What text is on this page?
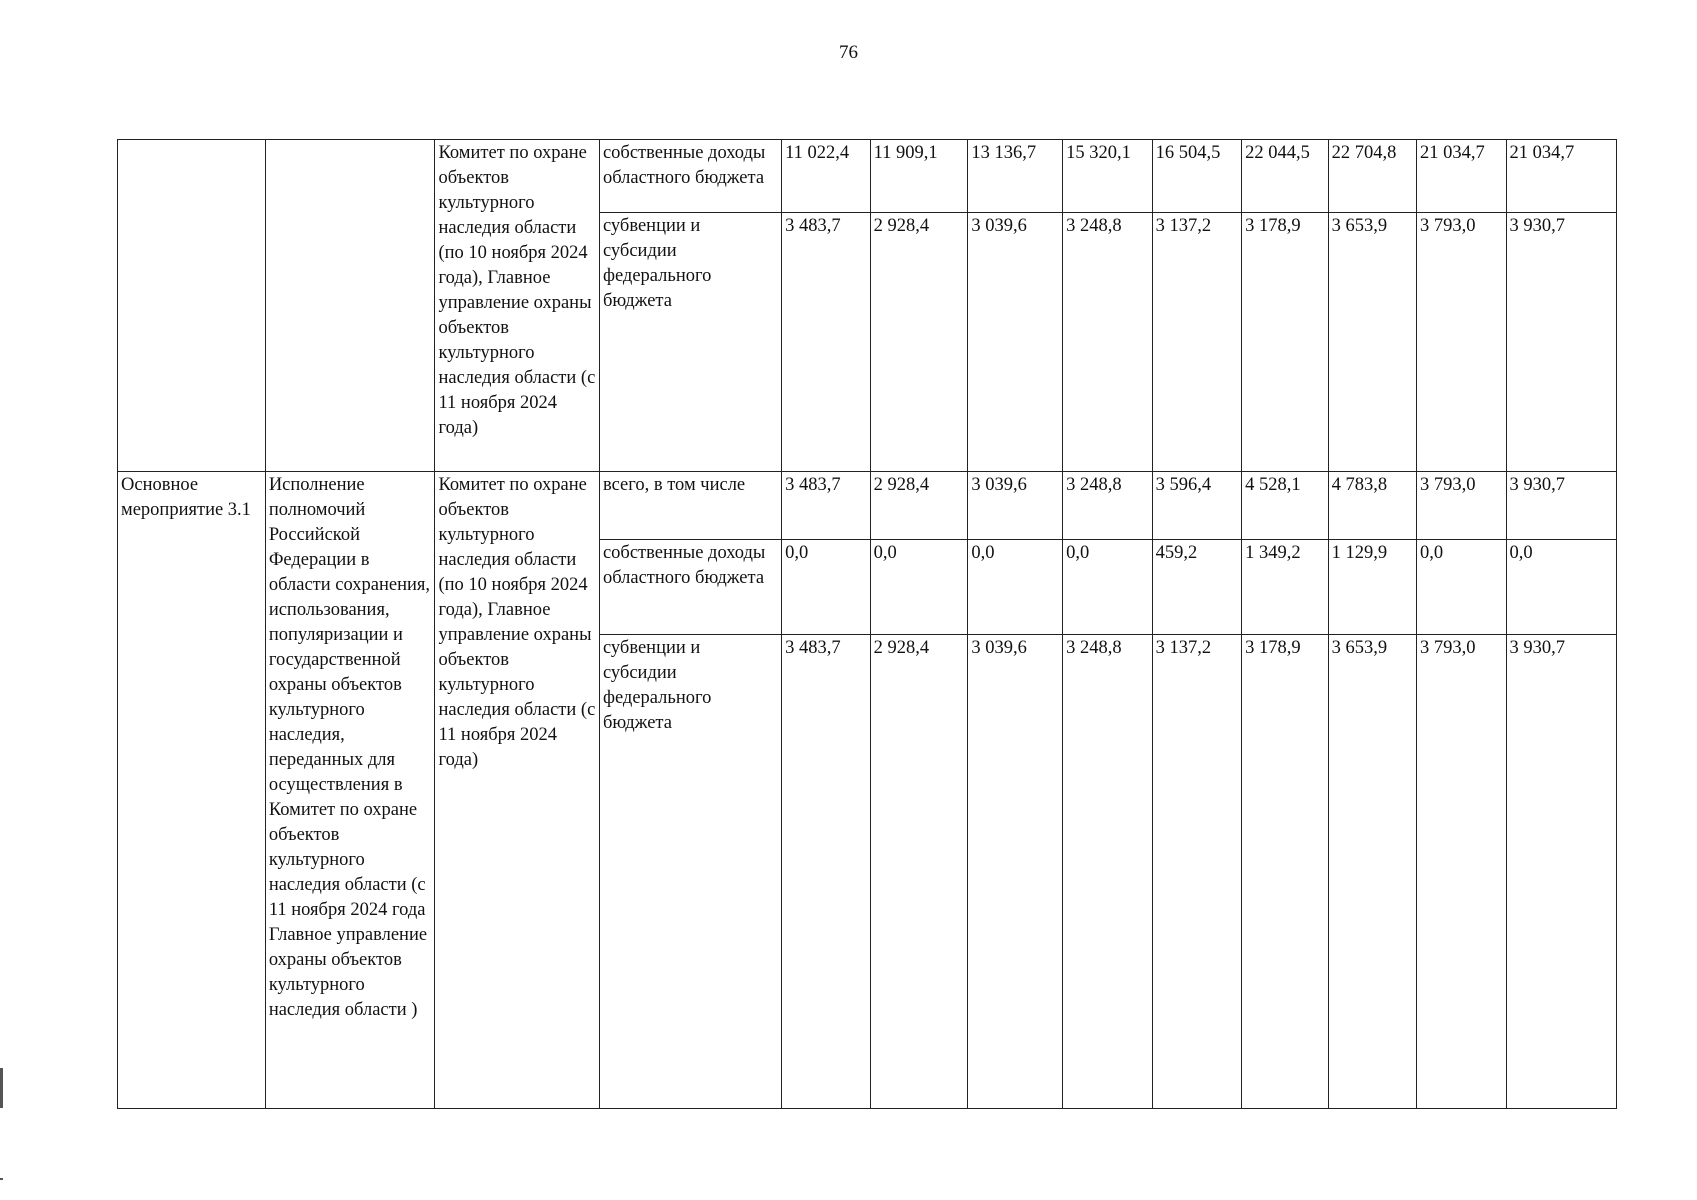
76
		Комитет по охране объектов культурного наследия области (по 10 ноября 2024 года), Главное управление охраны объектов культурного наследия области (с 11 ноября 2024 года)	собственные доходы областного бюджета	11 022,4	11 909,1	13 136,7	15 320,1	16 504,5	22 044,5	22 704,8	21 034,7	21 034,7
			субвенции и субсидии федерального бюджета	3 483,7	2 928,4	3 039,6	3 248,8	3 137,2	3 178,9	3 653,9	3 793,0	3 930,7
Основное мероприятие 3.1	Исполнение полномочий Российской Федерации в области сохранения, использования, популяризации и государственной охраны объектов культурного наследия, переданных для осуществления в Комитет по охране объектов культурного наследия области (с 11 ноября 2024 года Главное управление охраны объектов культурного наследия области )	Комитет по охране объектов культурного наследия области (по 10 ноября 2024 года), Главное управление охраны объектов культурного наследия области (с 11 ноября 2024 года)	всего, в том числе	3 483,7	2 928,4	3 039,6	3 248,8	3 596,4	4 528,1	4 783,8	3 793,0	3 930,7
			собственные доходы областного бюджета	0,0	0,0	0,0	0,0	459,2	1 349,2	1 129,9	0,0	0,0
			субвенции и субсидии федерального бюджета	3 483,7	2 928,4	3 039,6	3 248,8	3 137,2	3 178,9	3 653,9	3 793,0	3 930,7
